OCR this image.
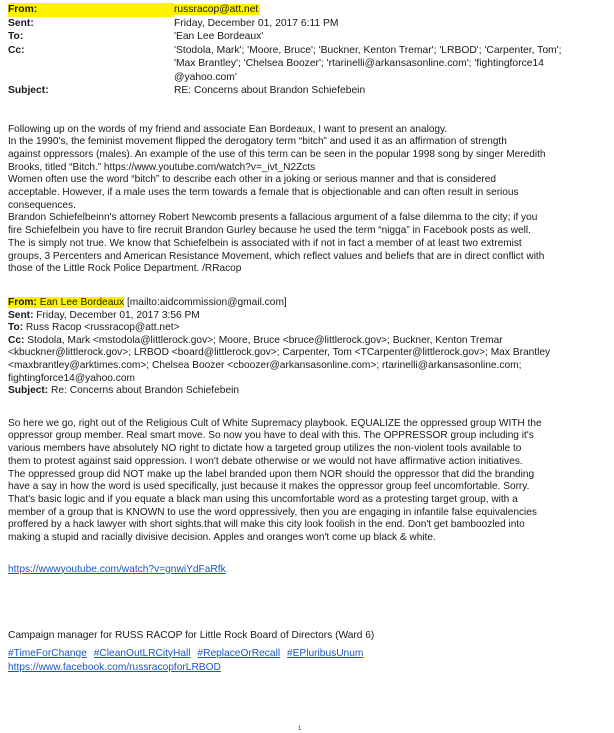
From:	russracop@att.net
Sent:	Friday, December 01, 2017 6:11 PM
To:	'Ean Lee Bordeaux'
Cc:	'Stodola, Mark'; 'Moore, Bruce'; 'Buckner, Kenton Tremar'; 'LRBOD'; 'Carpenter, Tom';
'Max Brantley'; 'Chelsea Boozer'; 'rtarinelli@arkansasonline.com'; 'fightingforce14
@yahoo.com'
Subject:	RE: Concerns about Brandon Schiefebein
Following up on the words of my friend and associate Ean Bordeaux, I want to present an analogy.
In the 1990's, the feminist movement flipped the derogatory term “bitch” and used it as an affirmation of strength
against oppressors (males). An example of the use of this term can be seen in the popular 1998 song by singer Meredith
Brooks, titled “Bitch.” https://www.youtube.com/watch?v=_ivt_N2Zcts
Women often use the word “bitch” to describe each other in a joking or serious manner and that is considered
acceptable. However, if a male uses the term towards a female that is objectionable and can often result in serious
consequences.
Brandon Schiefelbeinn's attorney Robert Newcomb presents a fallacious argument of a false dilemma to the city; if you
fire Schiefelbein you have to fire recruit Brandon Gurley because he used the term “nigga” in Facebook posts as well.
The is simply not true. We know that Schiefelbein is associated with if not in fact a member of at least two extremist
groups, 3 Percenters and American Resistance Movement, which reflect values and beliefs that are in direct conflict with
those of the Little Rock Police Department. /RRacop
From: Ean Lee Bordeaux [mailto:aidcommission@gmail.com]
Sent: Friday, December 01, 2017 3:56 PM
To: Russ Racop <russracop@att.net>
Cc: Stodola, Mark <mstodola@littlerock.gov>; Moore, Bruce <bruce@littlerock.gov>; Buckner, Kenton Tremar
<kbuckner@littlerock.gov>; LRBOD <board@littlerock.gov>; Carpenter, Tom <TCarpenter@littlerock.gov>; Max Brantley
<maxbrantley@arktimes.com>; Chelsea Boozer <cboozer@arkansasonline.com>; rtarinelli@arkansasonline.com;
fightingforce14@yahoo.com
Subject: Re: Concerns about Brandon Schiefebein
So here we go, right out of the Religious Cult of White Supremacy playbook. EQUALIZE the oppressed group WITH the
oppressor group member. Real smart move. So now you have to deal with this. The OPPRESSOR group including it's
various members have absolutely NO right to dictate how a targeted group utilizes the non-violent tools available to
them to protest against said oppression. I won't debate otherwise or we would not have affirmative action initiatives.
The oppressed group did NOT make up the label branded upon them NOR should the oppressor that did the branding
have a say in how the word is used specifically, just because it makes the oppressor group feel uncomfortable. Sorry.
That's basic logic and if you equate a black man using this uncomfortable word as a protesting target group, with a
member of a group that is KNOWN to use the word oppressively, then you are engaging in infantile false equivalencies
proffered by a hack lawyer with short sights.that will make this city look foolish in the end. Don't get bamboozled into
making a stupid and racially divisive decision. Apples and oranges won't come up black & white.
https://wwwyoutube.com/watch?v=gnwiYdFaRfk
Campaign manager for RUSS RACOP for Little Rock Board of Directors (Ward 6)
#TimeForChange #CleanOutLRCityHall #ReplaceOrRecall #EPluribusUnum
https://www.facebook.com/russracopforLRBOD
1
